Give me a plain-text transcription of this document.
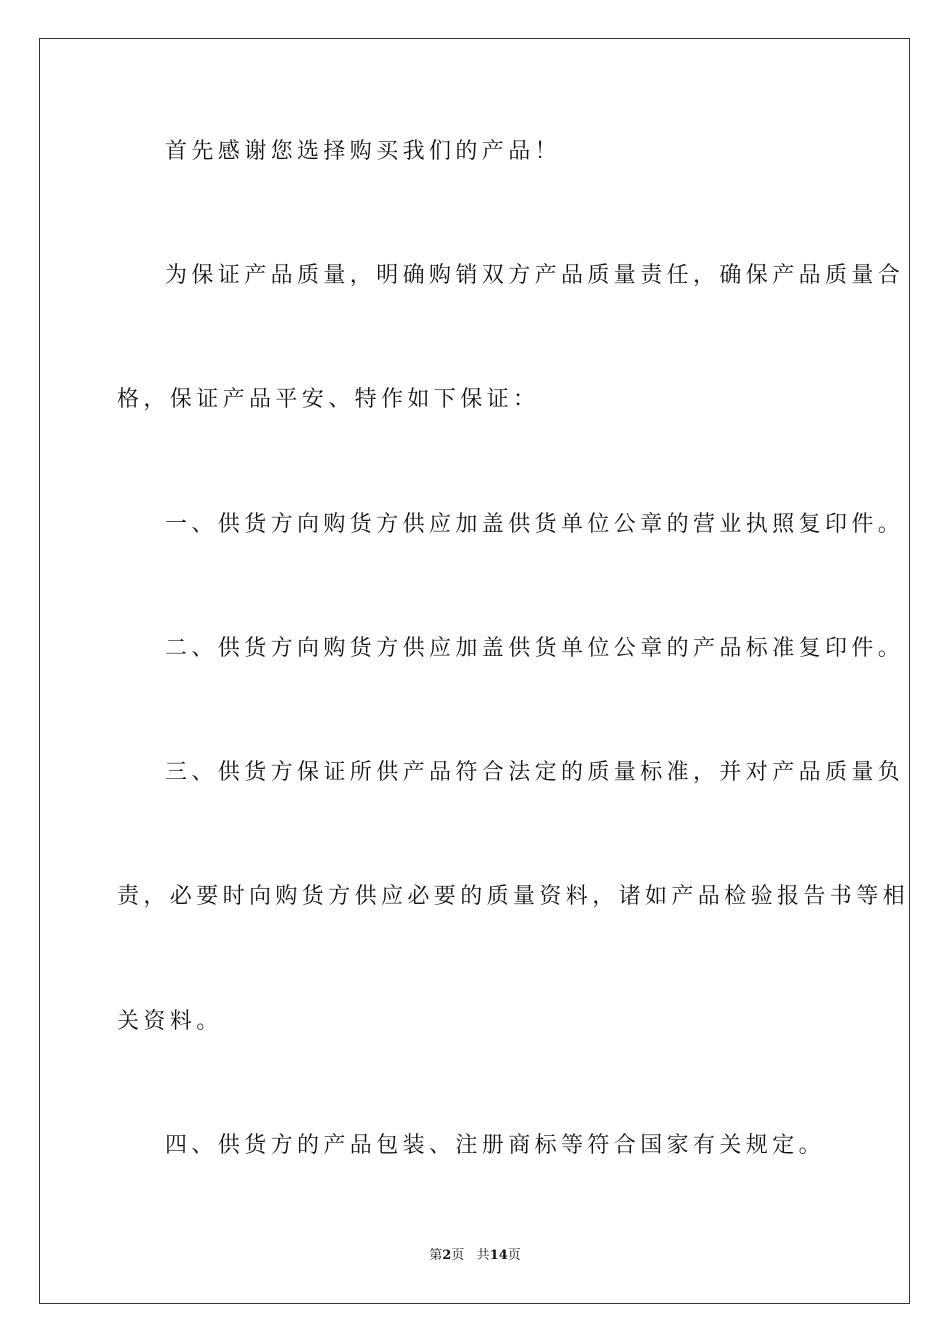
首先感谢您选择购买我们的产品！
为保证产品质量，明确购销双方产品质量责任，确保产品质量合
格，保证产品平安、特作如下保证：
一、供货方向购货方供应加盖供货单位公章的营业执照复印件。
二、供货方向购货方供应加盖供货单位公章的产品标准复印件。
三、供货方保证所供产品符合法定的质量标准，并对产品质量负
责，必要时向购货方供应必要的质量资料，诸如产品检验报告书等相
关资料。
四、供货方的产品包装、注册商标等符合国家有关规定。
第2页 共14页
